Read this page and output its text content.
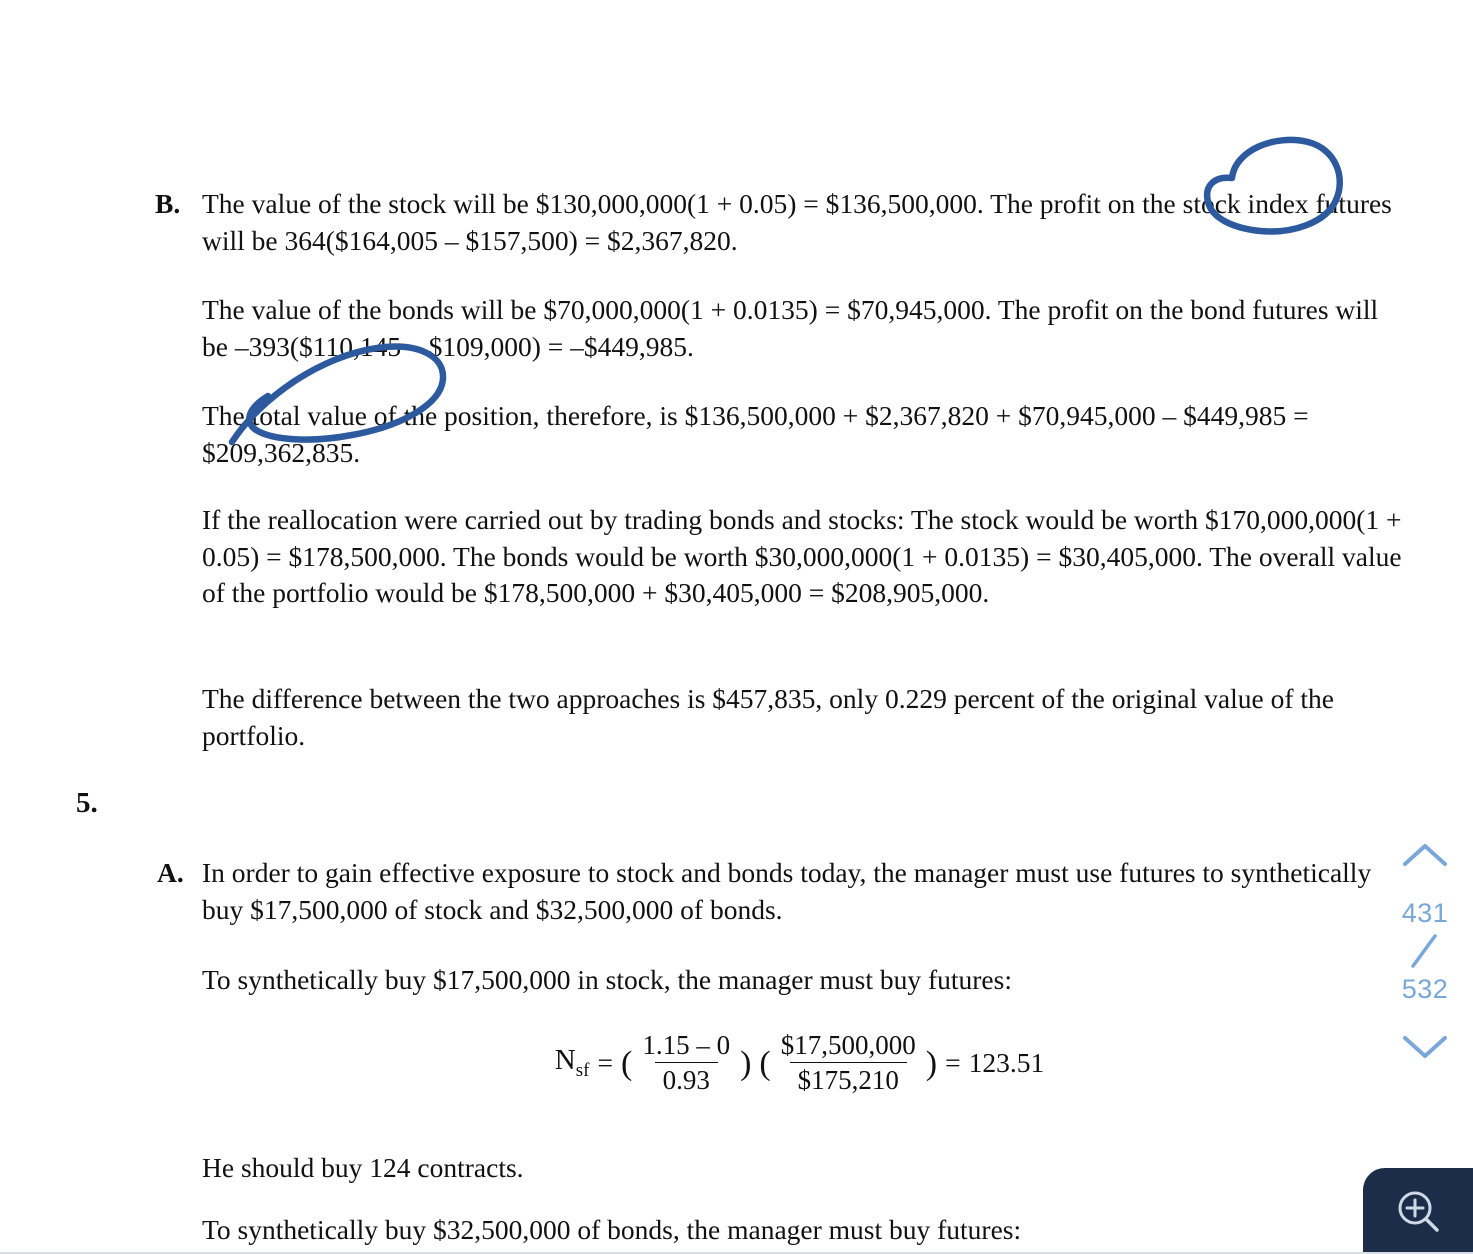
B. The value of the stock will be $130,000,000(1 + 0.05) = $136,500,000. The profit on the stock index futures will be 364($164,005 – $157,500) = $2,367,820.
The value of the bonds will be $70,000,000(1 + 0.0135) = $70,945,000. The profit on the bond futures will be –393($110,145 – $109,000) = –$449,985.
The total value of the position, therefore, is $136,500,000 + $2,367,820 + $70,945,000 – $449,985 = $209,362,835.
If the reallocation were carried out by trading bonds and stocks: The stock would be worth $170,000,000(1 + 0.05) = $178,500,000. The bonds would be worth $30,000,000(1 + 0.0135) = $30,405,000. The overall value of the portfolio would be $178,500,000 + $30,405,000 = $208,905,000.
The difference between the two approaches is $457,835, only 0.229 percent of the original value of the portfolio.
5.
A. In order to gain effective exposure to stock and bonds today, the manager must use futures to synthetically buy $17,500,000 of stock and $32,500,000 of bonds.
To synthetically buy $17,500,000 in stock, the manager must buy futures:
$N_{sf}$ = ( $\frac{1.15 - 0}{0.93}$ ) ( $\frac{\$17,500,000}{\$175,210}$ ) = 123.51
He should buy 124 contracts.
To synthetically buy $32,500,000 of bonds, the manager must buy futures:
431
532
